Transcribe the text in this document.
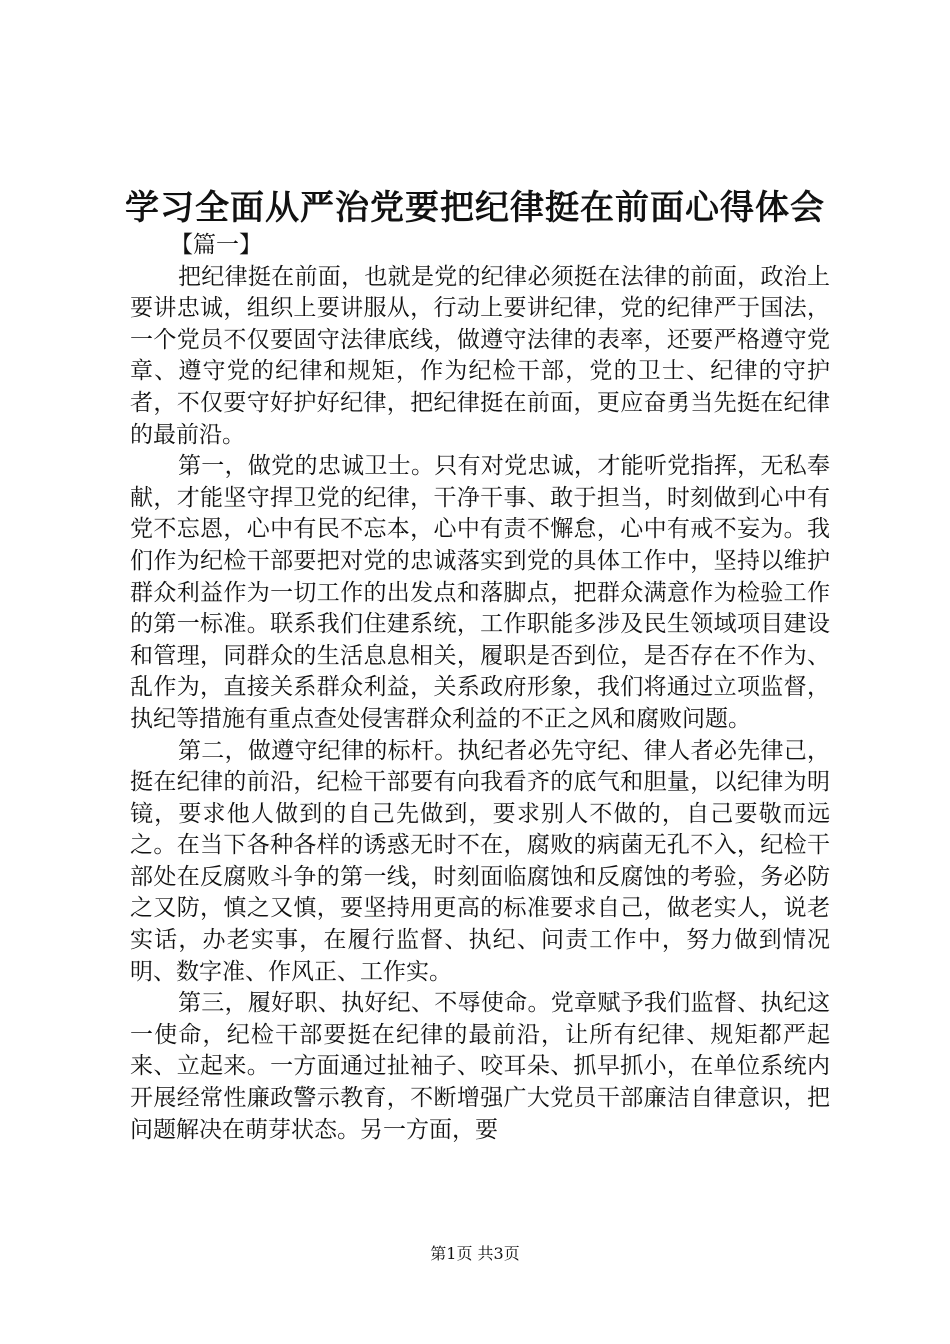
学习全面从严治党要把纪律挺在前面心得体会

【篇一】

把纪律挺在前面，也就是党的纪律必须挺在法律的前面，政治上要讲忠诚，组织上要讲服从，行动上要讲纪律，党的纪律严于国法，一个党员不仅要固守法律底线，做遵守法律的表率，还要严格遵守党章、遵守党的纪律和规矩，作为纪检干部，党的卫士、纪律的守护者，不仅要守好护好纪律，把纪律挺在前面，更应奋勇当先挺在纪律的最前沿。

第一，做党的忠诚卫士。只有对党忠诚，才能听党指挥，无私奉献，才能坚守捍卫党的纪律，干净干事、敢于担当，时刻做到心中有党不忘恩，心中有民不忘本，心中有责不懈怠，心中有戒不妄为。我们作为纪检干部要把对党的忠诚落实到党的具体工作中，坚持以维护群众利益作为一切工作的出发点和落脚点，把群众满意作为检验工作的第一标准。联系我们住建系统，工作职能多涉及民生领域项目建设和管理，同群众的生活息息相关，履职是否到位，是否存在不作为、乱作为，直接关系群众利益，关系政府形象，我们将通过立项监督，执纪等措施有重点查处侵害群众利益的不正之风和腐败问题。

第二，做遵守纪律的标杆。执纪者必先守纪、律人者必先律己，挺在纪律的前沿，纪检干部要有向我看齐的底气和胆量，以纪律为明镜，要求他人做到的自己先做到，要求别人不做的，自己要敬而远之。在当下各种各样的诱惑无时不在，腐败的病菌无孔不入，纪检干部处在反腐败斗争的第一线，时刻面临腐蚀和反腐蚀的考验，务必防之又防，慎之又慎，要坚持用更高的标准要求自己，做老实人，说老实话，办老实事，在履行监督、执纪、问责工作中，努力做到情况明、数字准、作风正、工作实。

第三，履好职、执好纪、不辱使命。党章赋予我们监督、执纪这一使命，纪检干部要挺在纪律的最前沿，让所有纪律、规矩都严起来、立起来。一方面通过扯袖子、咬耳朵、抓早抓小，在单位系统内开展经常性廉政警示教育，不断增强广大党员干部廉洁自律意识，把问题解决在萌芽状态。另一方面，要

第1页 共3页
